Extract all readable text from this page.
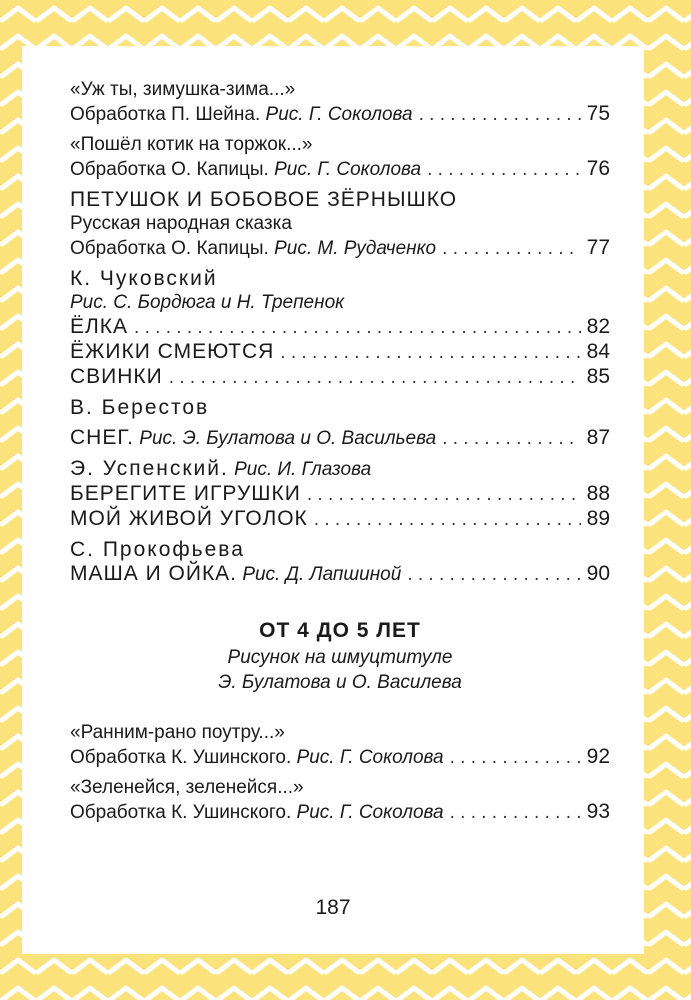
«Уж ты, зимушка-зима...»
Обработка П. Шейна.
Рис. Г. Соколова . . .	75
«Пошёл котик на торжок...»
Обработка О. Капицы.
Рис. Г. Соколова . . .	76
ПЕТУШОК И БОБОВОЕ ЗЁРНЫШКО
Русская народная сказка
Обработка О. Капицы.
Рис. М. Рудаченко . . .	77
К. Чуковский
Рис. С. Бордюга и Н. Трепенок
ЁЛКА . . .	82
ЁЖИКИ СМЕЮТСЯ . . .	84
СВИНКИ . . .	85
В. Берестов
СНЕГ.
Рис. Э. Булатова и О. Васильева . . .	87
Э. Успенский. Рис. И. Глазова
БЕРЕГИТЕ ИГРУШКИ . . .	88
МОЙ ЖИВОЙ УГОЛОК . . .	89
С. Прокофьева
МАША И ОЙКА.
Рис. Д. Лапшиной . . .	90
ОТ 4 ДО 5 ЛЕТ
Рисунок на шмуцтитуле
Э. Булатова и О. Василева
«Ранним-рано поутру...»
Обработка К. Ушинского.
Рис. Г. Соколова . . .	92
«Зеленейся, зеленейся...»
Обработка К. Ушинского.
Рис. Г. Соколова . . .	93
187
